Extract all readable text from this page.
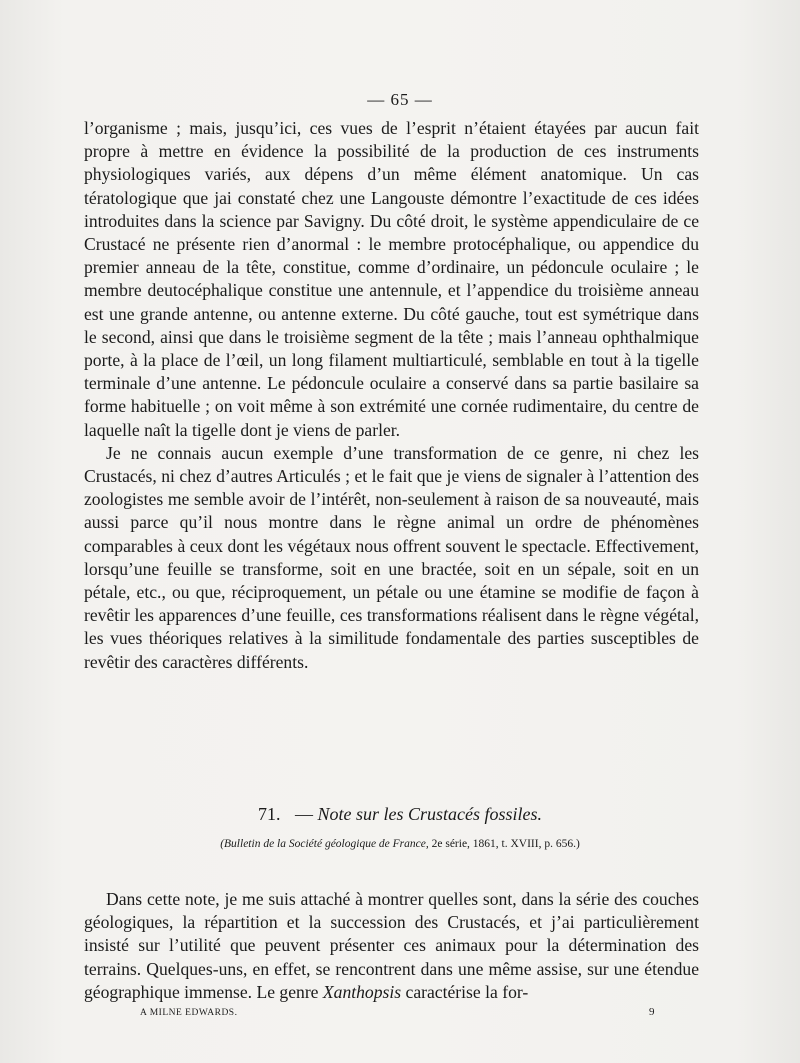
— 65 —

l’organisme ; mais, jusqu’ici, ces vues de l’esprit n’étaient étayées par aucun fait propre à mettre en évidence la possibilité de la production de ces instruments physiologiques variés, aux dépens d’un même élément anatomique. Un cas tératologique que jai constaté chez une Langouste démontre l’exactitude de ces idées introduites dans la science par Savigny. Du côté droit, le système appendiculaire de ce Crustacé ne présente rien d’anormal : le membre protocéphalique, ou appendice du premier anneau de la tête, constitue, comme d’ordinaire, un pédoncule oculaire ; le membre deutocéphalique constitue une antennule, et l’appendice du troisième anneau est une grande antenne, ou antenne externe. Du côté gauche, tout est symétrique dans le second, ainsi que dans le troisième segment de la tête ; mais l’anneau ophthalmique porte, à la place de l’œil, un long filament multiarticulé, semblable en tout à la tigelle terminale d’une antenne. Le pédoncule oculaire a conservé dans sa partie basilaire sa forme habituelle ; on voit même à son extrémité une cornée rudimentaire, du centre de laquelle naît la tigelle dont je viens de parler.

Je ne connais aucun exemple d’une transformation de ce genre, ni chez les Crustacés, ni chez d’autres Articulés ; et le fait que je viens de signaler à l’attention des zoologistes me semble avoir de l’intérêt, non-seulement à raison de sa nouveauté, mais aussi parce qu’il nous montre dans le règne animal un ordre de phénomènes comparables à ceux dont les végétaux nous offrent souvent le spectacle. Effectivement, lorsqu’une feuille se transforme, soit en une bractée, soit en un sépale, soit en un pétale, etc., ou que, réciproquement, un pétale ou une étamine se modifie de façon à revêtir les apparences d’une feuille, ces transformations réalisent dans le règne végétal, les vues théoriques relatives à la similitude fondamentale des parties susceptibles de revêtir des caractères différents.

71. — Note sur les Crustacés fossiles.
(Bulletin de la Société géologique de France, 2e série, 1861, t. XVIII, p. 656.)

Dans cette note, je me suis attaché à montrer quelles sont, dans la série des couches géologiques, la répartition et la succession des Crustacés, et j’ai particulièrement insisté sur l’utilité que peuvent présenter ces animaux pour la détermination des terrains. Quelques-uns, en effet, se rencontrent dans une même assise, sur une étendue géographique immense. Le genre Xanthopsis caractérise la for-

A MILNE EDWARDS.	9
